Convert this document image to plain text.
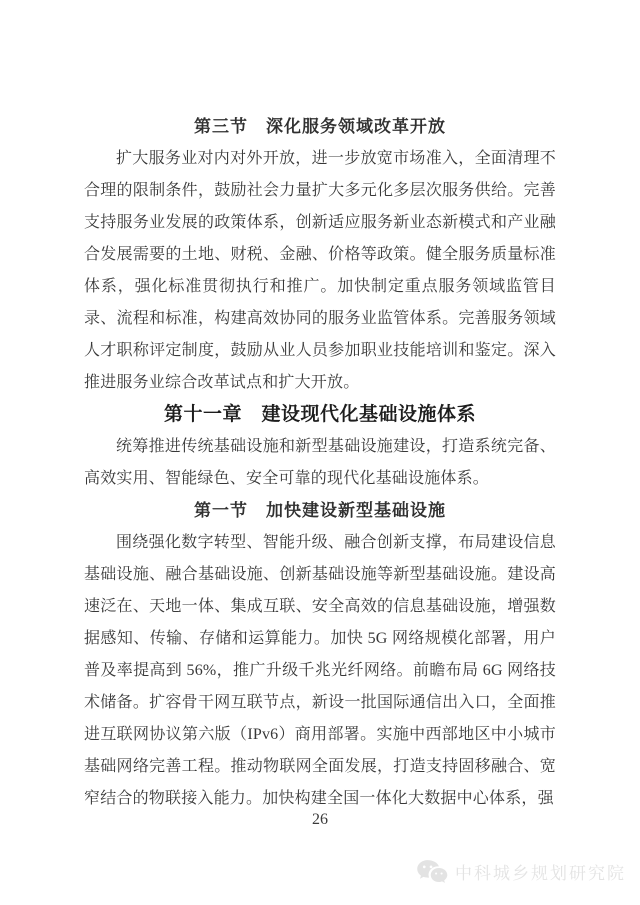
第三节　深化服务领域改革开放

扩大服务业对内对外开放，进一步放宽市场准入，全面清理不合理的限制条件，鼓励社会力量扩大多元化多层次服务供给。完善支持服务业发展的政策体系，创新适应服务新业态新模式和产业融合发展需要的土地、财税、金融、价格等政策。健全服务质量标准体系，强化标准贯彻执行和推广。加快制定重点服务领域监管目录、流程和标准，构建高效协同的服务业监管体系。完善服务领域人才职称评定制度，鼓励从业人员参加职业技能培训和鉴定。深入推进服务业综合改革试点和扩大开放。

第十一章　建设现代化基础设施体系

统筹推进传统基础设施和新型基础设施建设，打造系统完备、高效实用、智能绿色、安全可靠的现代化基础设施体系。

第一节　加快建设新型基础设施

围绕强化数字转型、智能升级、融合创新支撑，布局建设信息基础设施、融合基础设施、创新基础设施等新型基础设施。建设高速泛在、天地一体、集成互联、安全高效的信息基础设施，增强数据感知、传输、存储和运算能力。加快 5G 网络规模化部署，用户普及率提高到 56%，推广升级千兆光纤网络。前瞻布局 6G 网络技术储备。扩容骨干网互联节点，新设一批国际通信出入口，全面推进互联网协议第六版（IPv6）商用部署。实施中西部地区中小城市基础网络完善工程。推动物联网全面发展，打造支持固移融合、宽窄结合的物联接入能力。加快构建全国一体化大数据中心体系，强

26
中科城乡规划研究院
